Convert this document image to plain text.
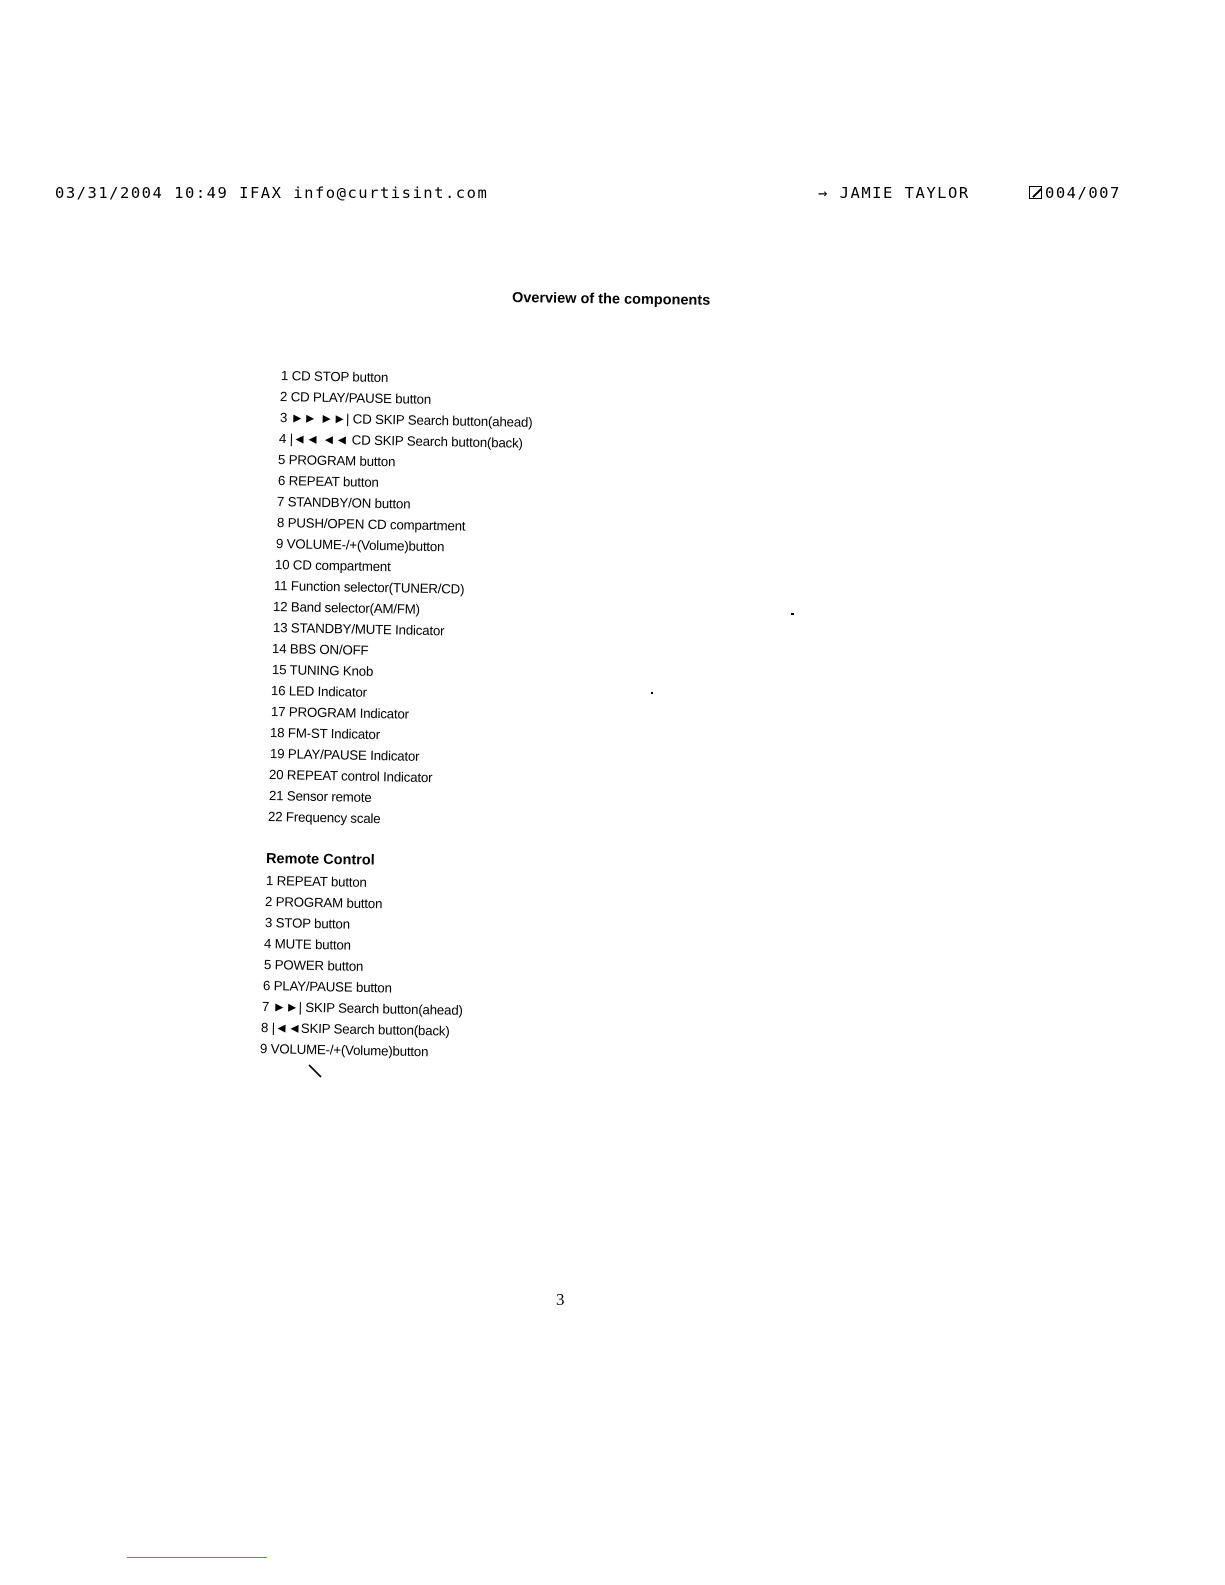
03/31/2004 10:49 IFAX info@curtisint.com	→ JAMIE TAYLOR	004/007
Overview of the components
1 CD STOP button
2 CD PLAY/PAUSE button
3 ►► ►►| CD SKIP Search button(ahead)
4 |◄◄ ◄◄ CD SKIP Search button(back)
5 PROGRAM button
6 REPEAT button
7 STANDBY/ON button
8 PUSH/OPEN CD compartment
9 VOLUME-/+(Volume)button
10 CD compartment
11 Function selector(TUNER/CD)
12 Band selector(AM/FM)
13 STANDBY/MUTE Indicator
14 BBS ON/OFF
15 TUNING Knob
16 LED Indicator
17 PROGRAM Indicator
18 FM-ST Indicator
19 PLAY/PAUSE Indicator
20 REPEAT control Indicator
21 Sensor remote
22 Frequency scale
Remote Control
1 REPEAT button
2 PROGRAM button
3 STOP button
4 MUTE button
5 POWER button
6 PLAY/PAUSE button
7 ►►| SKIP Search button(ahead)
8 |◄◄SKIP Search button(back)
9 VOLUME-/+(Volume)button
3
